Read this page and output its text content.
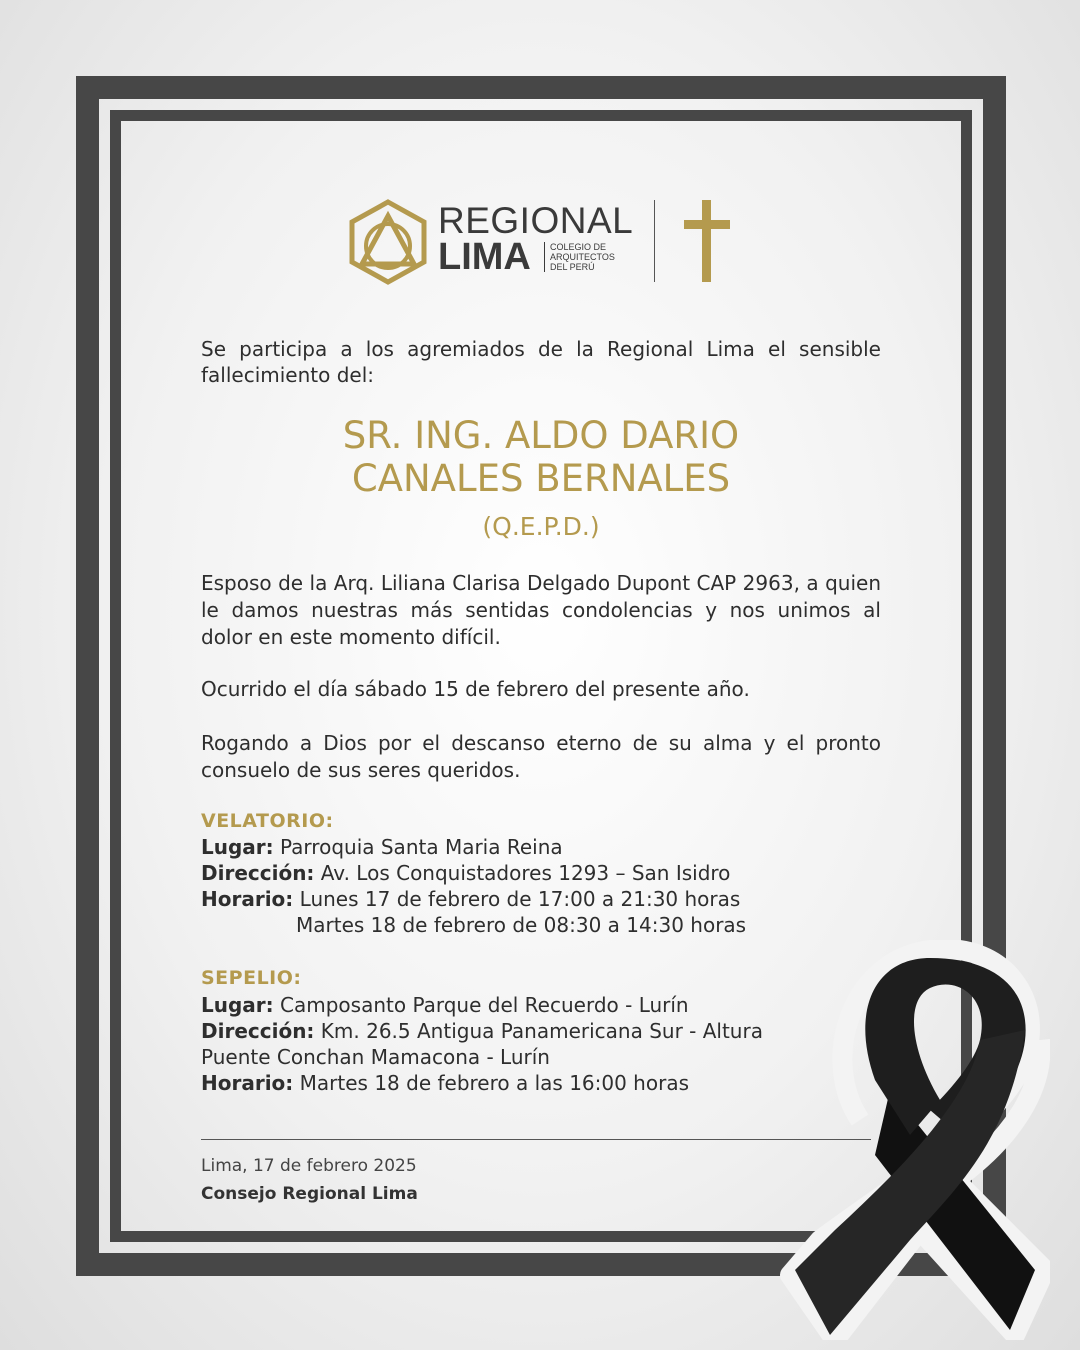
REGIONAL
LIMA	COLEGIO DE
ARQUITECTOS
DEL PERÚ
Se participa a los agremiados de la Regional Lima el sensible fallecimiento del:
SR. ING. ALDO DARIO
CANALES BERNALES
(Q.E.P.D.)
Esposo de la Arq. Liliana Clarisa Delgado Dupont CAP 2963, a quien le damos nuestras más sentidas condolencias y nos unimos al dolor en este momento difícil.
Ocurrido el día sábado 15 de febrero del presente año.
Rogando a Dios por el descanso eterno de su alma y el pronto consuelo de sus seres queridos.
VELATORIO:
Lugar: Parroquia Santa Maria Reina
Dirección: Av. Los Conquistadores 1293 – San Isidro
Horario: Lunes 17 de febrero de 17:00 a 21:30 horas
Martes 18 de febrero de 08:30 a 14:30 horas
SEPELIO:
Lugar: Camposanto Parque del Recuerdo - Lurín
Dirección: Km. 26.5 Antigua Panamericana Sur - Altura
Puente Conchan Mamacona - Lurín
Horario: Martes 18 de febrero a las 16:00 horas
Lima, 17 de febrero 2025
Consejo Regional Lima
